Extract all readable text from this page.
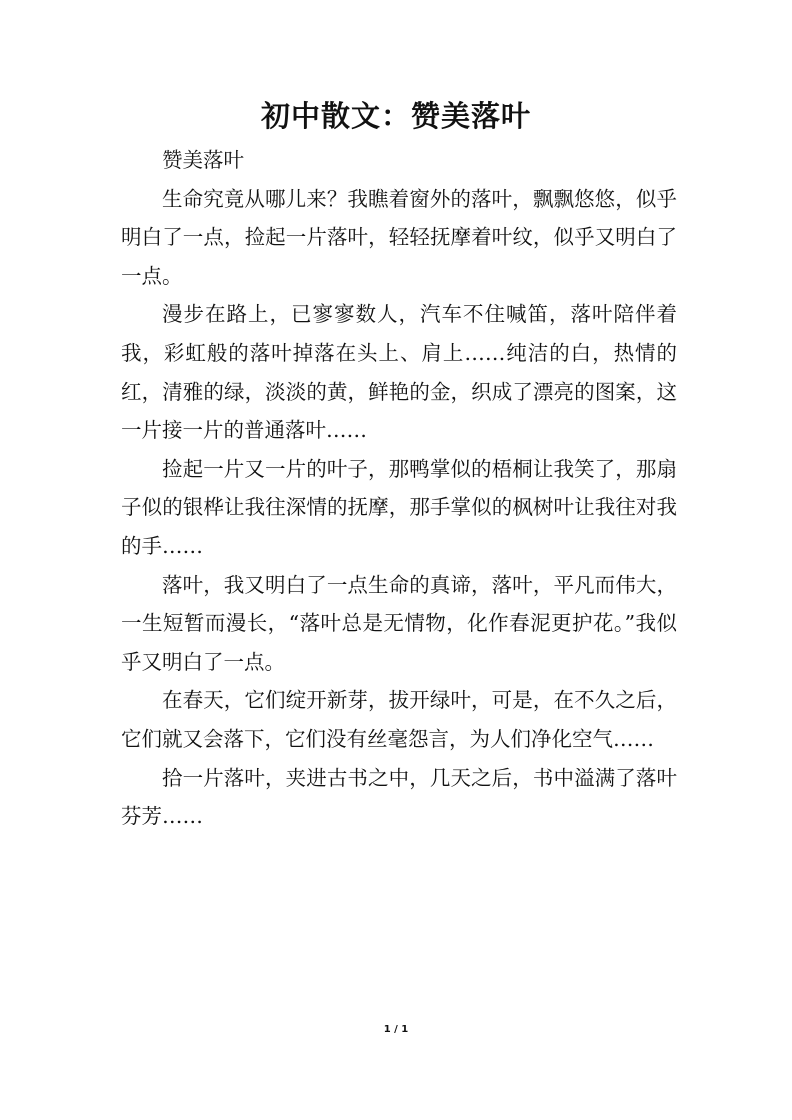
初中散文：赞美落叶

赞美落叶

生命究竟从哪儿来？我瞧着窗外的落叶，飘飘悠悠，似乎明白了一点，捡起一片落叶，轻轻抚摩着叶纹，似乎又明白了一点。

漫步在路上，已寥寥数人，汽车不住喊笛，落叶陪伴着我，彩虹般的落叶掉落在头上、肩上……纯洁的白，热情的红，清雅的绿，淡淡的黄，鲜艳的金，织成了漂亮的图案，这一片接一片的普通落叶……

捡起一片又一片的叶子，那鸭掌似的梧桐让我笑了，那扇子似的银桦让我往深情的抚摩，那手掌似的枫树叶让我往对我的手……

落叶，我又明白了一点生命的真谛，落叶，平凡而伟大，一生短暂而漫长，“落叶总是无情物，化作春泥更护花。”我似乎又明白了一点。

在春天，它们绽开新芽，拔开绿叶，可是，在不久之后，它们就又会落下，它们没有丝毫怨言，为人们净化空气……

拾一片落叶，夹进古书之中，几天之后，书中溢满了落叶芬芳……

1 / 1
